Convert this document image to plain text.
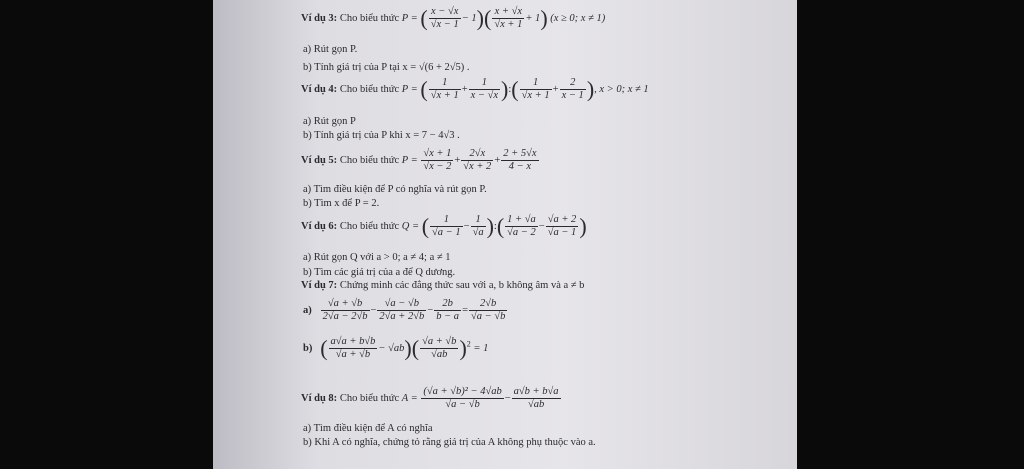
Ví dụ 3: Cho biểu thức P = ( $\frac{x - √x}{√x - 1} - 1)( \frac{x + √x}{√x + 1} + 1)$ (x ≥ 0; x ≠ 1)
a) Rút gọn P.
b) Tính giá trị của P tại x = √(6 + 2√5) .
Ví dụ 4: Cho biểu thức P = ( $\frac{1}{√x + 1} + \frac{1}{x - √x}$ ):( $\frac{1}{√x + 1} + \frac{2}{x - 1}$ ), x > 0; x ≠ 1
a) Rút gọn P
b) Tính giá trị của P khi x = 7 − 4√3 .
Ví dụ 5: Cho biểu thức $P = \frac{√x + 1}{√x - 2} + \frac{2√x}{√x + 2} + \frac{2 + 5√x}{4 - x}$
a) Tìm điều kiện để P có nghĩa và rút gọn P.
b) Tìm x để P = 2.
Ví dụ 6: Cho biểu thức Q = ( $\frac{1}{√a - 1} - \frac{1}{√a}$ ):( $\frac{1 + √a}{√a - 2} - \frac{√a + 2}{√a - 1}$ )
a) Rút gọn Q với a > 0; a ≠ 4; a ≠ 1
b) Tìm các giá trị của a để Q dương.
Ví dụ 7: Chứng minh các đẳng thức sau với a, b không âm và a ≠ b
$a) \frac{√a + √b}{2√a - 2√b} - \frac{√a - √b}{2√a + 2√b} - \frac{2b}{b - a} = \frac{2√b}{√a - √b}$
b) ( $\frac{a√a + b√b}{√a + √b} - √ab)( \frac{√a + √b}{√ab} )^2 = 1$
Ví dụ 8: Cho biểu thức $A = \frac{\text{(√a + √b)² − 4√ab}}{√a - √b} - \frac{a√b + b√a}{√ab}$
a) Tìm điều kiện để A có nghĩa
b) Khi A có nghĩa, chứng tỏ rằng giá trị của A không phụ thuộc vào a.
